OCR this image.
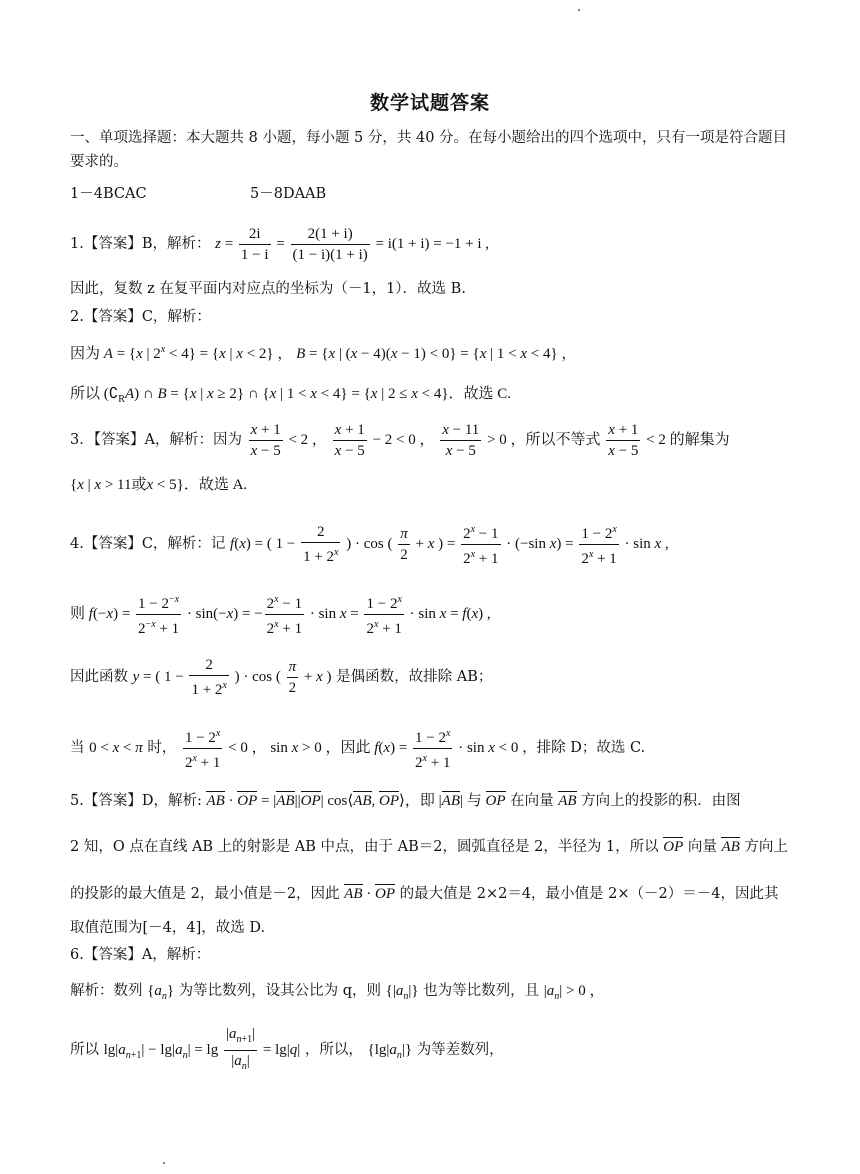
数学试题答案
一、单项选择题：本大题共 8 小题，每小题 5 分，共 40 分。在每小题给出的四个选项中，只有一项是符合题目要求的。
1－4BCAC	5－8DAAB
1.【答案】B，解析： $z = \frac{2i}{1 - i} = \frac{2(1 + i)}{(1 - i)(1 + i)} = i(1 + i) = -1 + i$ ,
因此，复数 z 在复平面内对应点的坐标为（－1，1）．故选 B.
2.【答案】C，解析：
因为 A = {x | $2^x < 4\} = \{x$ | x < 2} ， B = {x | (x − 4)(x − 1) < 0} = {x | 1 < x < 4} ，
所以 $(∁_RA)$ ∩ B = {x | x ≥ 2} ∩ {x | 1 < x < 4} = {x | 2 ≤ x < 4}．故选 C.
3．【答案】A，解析：因为 $\frac{x + 1}{x - 5} < 2$ ， $\frac{x + 1}{x - 5} - 2 < 0$ ， $\frac{x - 11}{x - 5} > 0$ ，所以不等式 $\frac{x + 1}{x - 5} < 2$ 的解集为
{x | x > 11或x < 5}．故选 A.
4.【答案】C，解析：记 f(x) = ( $1 - \frac{2}{1 + 2^x}$ ) · cos ( $\frac{\pi}{2} + x$ ) = $\frac{2^x - 1}{2^x + 1} \cdot (-\sin$ $x) = \frac{1 - 2^x}{2^x + 1} \cdot \sin x$ ,
则 $f(-x) = \frac{1 - 2^{-x}}{2^{-x} + 1} \cdot \sin(-x)$ = − $\frac{2^x - 1}{2^x + 1} \cdot \sin x = \frac{1 - 2^x}{2^x + 1} \cdot \sin x = f(x)$ ,
因此函数 y = ( $1 - \frac{2}{1 + 2^x}$ ) · cos ( $\frac{\pi}{2} + x$ ) 是偶函数，故排除 AB；
当 0 < x < π 时， $\frac{1 - 2^x}{2^x + 1} < 0$ ， sin x > 0 ，因此 $f(x) = \frac{1 - 2^x}{2^x + 1} \cdot \sin x < 0$ ，排除 D；故选 C.
5.【答案】D，解析: AB · OP = |AB||OP| cos⟨AB, OP⟩，即 |AB| 与 OP 在向量 AB 方向上的投影的积．由图
2 知，O 点在直线 AB 上的射影是 AB 中点，由于 AB＝2，圆弧直径是 2，半径为 1，所以 OP 向量 AB 方向上
的投影的最大值是 2，最小值是－2，因此 AB · OP 的最大值是 2×2＝4，最小值是 2×（－2）＝－4，因此其
取值范围为[－4，4]，故选 D.
6.【答案】A，解析：
解析：数列 $\{a_n\}$ 为等比数列，设其公比为 q，则 $\{|a_n|\}$ 也为等比数列，且 $|a_n| > 0$ ，
所以 $\lg|a_{n+1}| - \lg|a_n| = \lg \frac{|a_{n+1}|}{|a_n|} = \lg|q|$ ，所以， $\{\lg|a_n|\}$ 为等差数列，
